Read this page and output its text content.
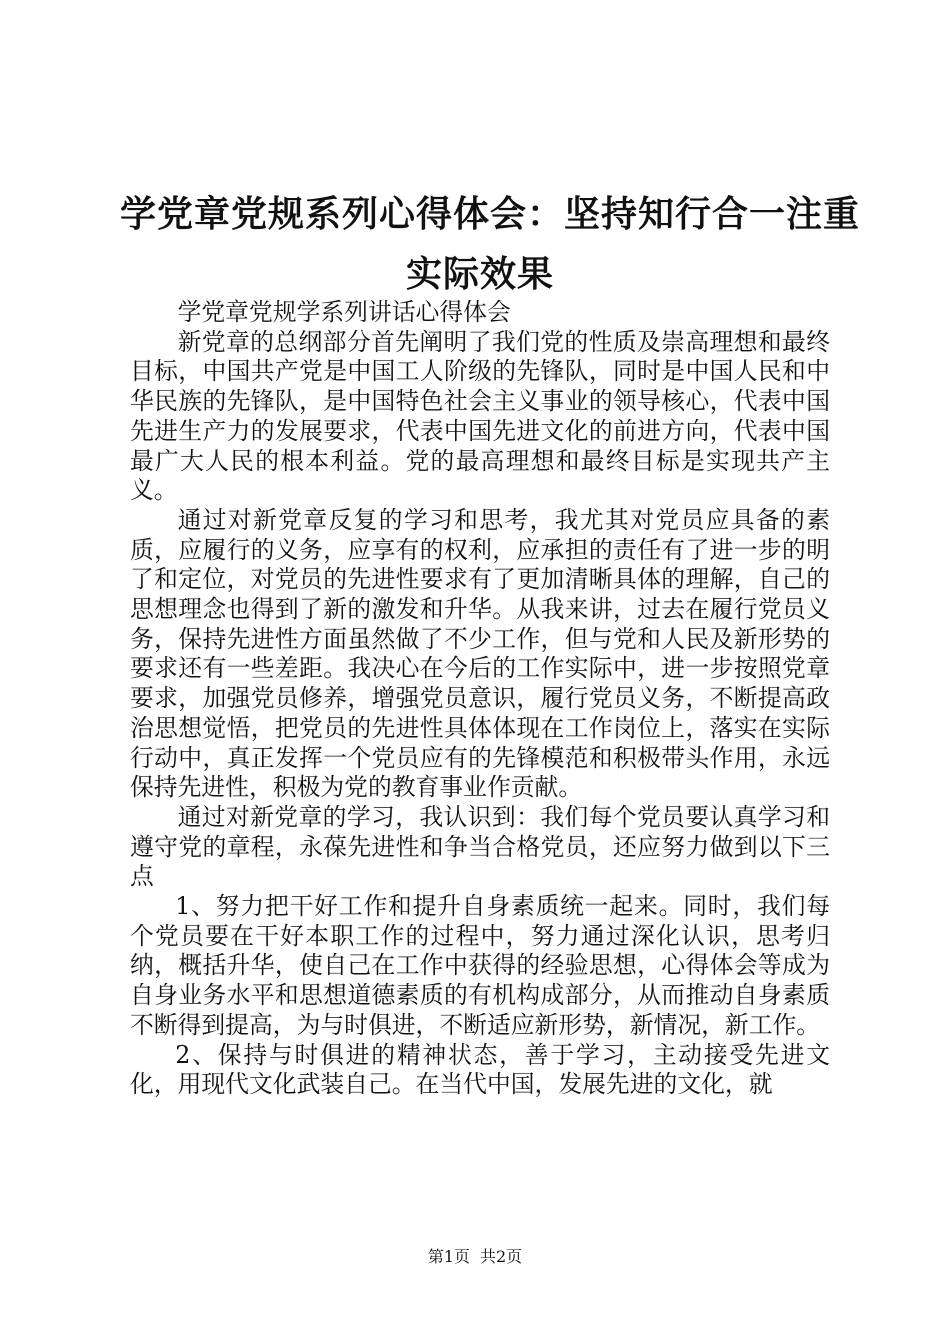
学党章党规系列心得体会：坚持知行合一注重
实际效果

学党章党规学系列讲话心得体会

新党章的总纲部分首先阐明了我们党的性质及崇高理想和最终目标，中国共产党是中国工人阶级的先锋队，同时是中国人民和中华民族的先锋队，是中国特色社会主义事业的领导核心，代表中国先进生产力的发展要求，代表中国先进文化的前进方向，代表中国最广大人民的根本利益。党的最高理想和最终目标是实现共产主义。

通过对新党章反复的学习和思考，我尤其对党员应具备的素质，应履行的义务，应享有的权利，应承担的责任有了进一步的明了和定位，对党员的先进性要求有了更加清晰具体的理解，自己的思想理念也得到了新的激发和升华。从我来讲，过去在履行党员义务，保持先进性方面虽然做了不少工作，但与党和人民及新形势的要求还有一些差距。我决心在今后的工作实际中，进一步按照党章要求，加强党员修养，增强党员意识，履行党员义务，不断提高政治思想觉悟，把党员的先进性具体体现在工作岗位上，落实在实际行动中，真正发挥一个党员应有的先锋模范和积极带头作用，永远保持先进性，积极为党的教育事业作贡献。

通过对新党章的学习，我认识到：我们每个党员要认真学习和遵守党的章程，永葆先进性和争当合格党员，还应努力做到以下三点

1、努力把干好工作和提升自身素质统一起来。同时，我们每个党员要在干好本职工作的过程中，努力通过深化认识，思考归纳，概括升华，使自己在工作中获得的经验思想，心得体会等成为自身业务水平和思想道德素质的有机构成部分，从而推动自身素质不断得到提高，为与时俱进，不断适应新形势，新情况，新工作。

2、保持与时俱进的精神状态，善于学习，主动接受先进文化，用现代文化武装自己。在当代中国，发展先进的文化，就

第1页 共2页
